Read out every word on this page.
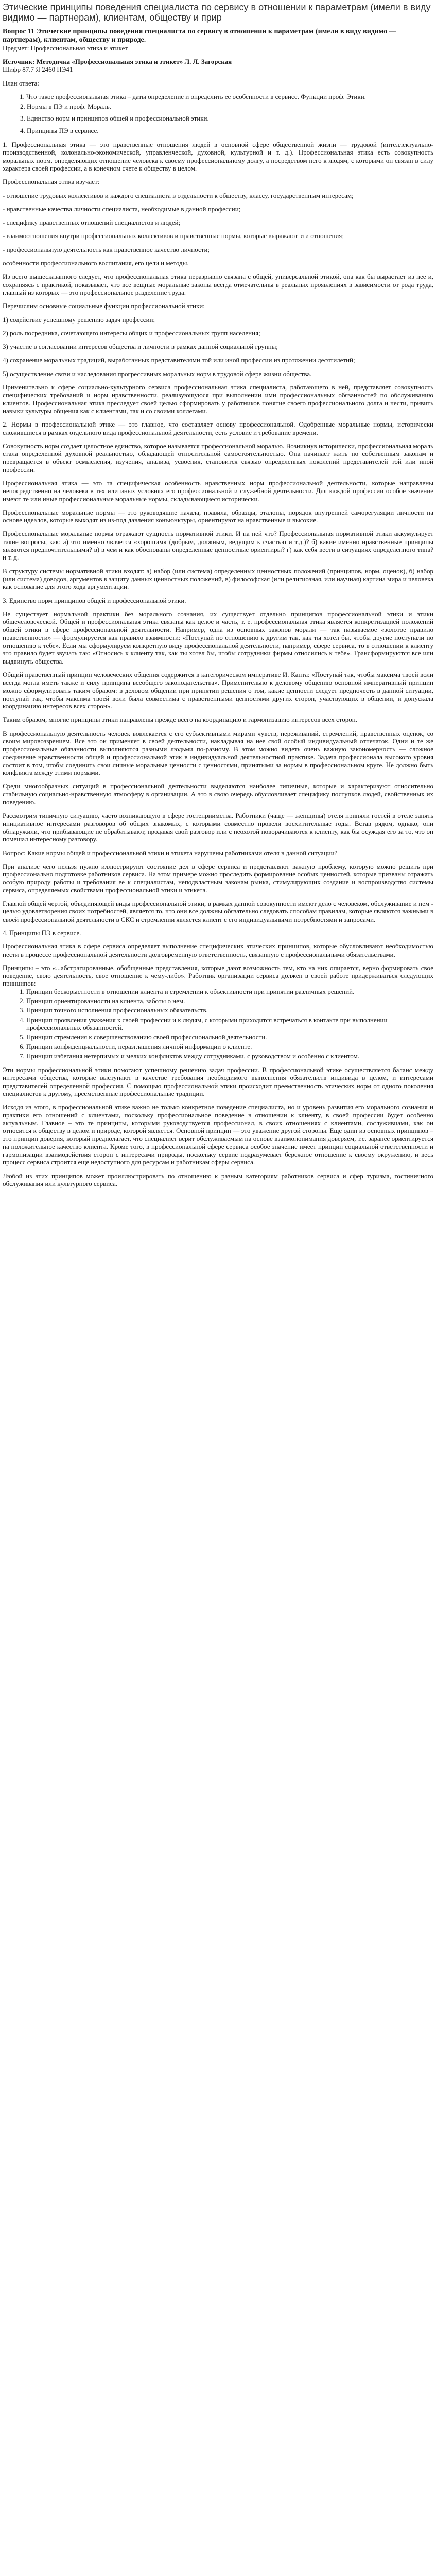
Этические принципы поведения специалиста по сервису в отношении к параметрам (имели в виду видимо — партнерам), клиентам, обществу и прир
Вопрос 11 Этические принципы поведения специалиста по сервису в отношении к параметрам (имели в виду видимо — партнерам), клиентам, обществу и природе.

Предмет: Профессиональная этика и этикет

Источник: Методичка «Профессиональная этика и этикет» Л. Л. Загорская

Шифр 87.7 Я 2460 ПЭ41

План ответа:

1. Что такое профессиональная этика – даты определение и определить ее особенности в сервисе. Функции проф. Этики.
2. Нормы в ПЭ и проф. Мораль.
3. Единство норм и принципов общей и профессиональной этики.
4. Принципы ПЭ в сервисе.

1. Профессиональная этика — это нравственные отношения людей в основной сфере общественной жизни — трудовой (интеллектуально-производственной, колонально-экономической, управленческой, духовной, культурной и т. д.). Профессиональная этика есть совокупность моральных норм, определяющих отношение человека к своему профессиональному долгу, а посредством него к людям, с которыми он связан в силу характера своей профессии, а в конечном счете к обществу в целом.

Профессиональная этика изучает:

- отношение трудовых коллективов и каждого специалиста в отдельности к обществу, классу, государственным интересам;

- нравственные качества личности специалиста, необходимые в данной профессии;

- специфику нравственных отношений специалистов и людей;

- взаимоотношения внутри профессиональных коллективов и нравственные нормы, которые выражают эти отношения;

- профессиональную деятельность как нравственное качество личности;

особенности профессионального воспитания, его цели и методы.

Из всего вышесказанного следует, что профессиональная этика неразрывно связана с общей, универсальной этикой, она как бы вырастает из нее и, сохраняясь с практикой, показывает, что все вещные моральные законы всегда отмечательны в реальных проявлениях в зависимости от рода труда, главный из которых — это профессиональное разделение труда.

Перечислим основные социальные функции профессиональной этики:

1) содействие успешному решению задач профессии;

2) роль посредника, сочетающего интересы общих и профессиональных групп населения;

3) участие в согласовании интересов общества и личности в рамках данной социальной группы;

4) сохранение моральных традиций, выработанных представителями той или иной профессии из протяжении десятилетий;

5) осуществление связи и наследования прогрессивных моральных норм в трудовой сфере жизни общества.

Применительно к сфере социально-культурного сервиса профессиональная этика специалиста, работающего в ней, представляет совокупность специфических требований и норм нравственности, реализующуюся при выполнении ими профессиональных обязанностей по обслуживанию клиентов. Профессиональная этика преследует своей целью сформировать у работников понятие своего профессионального долга и чести, привить навыки культуры общения как с клиентами, так и со своими коллегами.

2. Нормы в профессиональной этике — это главное, что составляет основу профессиональной. Одобренные моральные нормы, исторически сложившиеся в рамках отдельного вида профессиональной деятельности, есть условие и требование времени.

Совокупность норм создает целостное единство, которое называется профессиональной моралью. Возникнув исторически, профессиональная мораль стала определенной духовной реальностью, обладающей относительной самостоятельностью. Она начинает жить по собственным законам и превращается в объект осмысления, изучения, анализа, усвоения, становится связью определенных поколений представителей той или иной профессии.

Профессиональная этика — это та специфическая особенность нравственных норм профессиональной деятельности, которые направлены непосредственно на человека в тех или иных условиях его профессиональной и служебной деятельности. Для каждой профессии особое значение имеют те или иные профессиональные моральные нормы, складывающиеся исторически.

Профессиональные моральные нормы — это руководящие начала, правила, образцы, эталоны, порядок внутренней саморегуляции личности на основе идеалов, которые выходят из из-под давления конъюнктуры, ориентируют на нравственные и высокие.

Профессиональные моральные нормы отражают сущность нормативной этики. И на ней что? Профессиональная нормативной этики аккумулирует такие вопросы, как: а) что именно является «хорошим» (добрым, должным, ведущим к счастью и т.д.)? б) какие именно нравственные принципы являются предпочтительными? в) в чем и как обоснованы определенные ценностные ориентиры? г) как себя вести в ситуациях определенного типа? и т. д.

В структуру системы нормативной этики входят: а) набор (или система) определенных ценностных положений (принципов, норм, оценок), б) набор (или система) доводов, аргументов в защиту данных ценностных положений, в) философская (или религиозная, или научная) картина мира и человека как основание для этого хода аргументации.

3. Единство норм принципов общей и профессиональной этики.

Не существует нормальной практики без морального сознания, их существует отдельно принципов профессиональной этики и этики общечеловеческой. Общей и профессиональная этика связаны как целое и часть, т. е. профессиональная этика является конкретизацией положений общей этики в сфере профессиональной деятельности. Например, одна из основных законов морали — так называемое «золотое правило нравственности» — формулируется как правило взаимности: «Поступай по отношению к другим так, как ты хотел бы, чтобы другие поступали по отношению к тебе». Если мы сформулируем конкретную виду профессиональной деятельности, например, сфере сервиса, то в отношении к клиенту это правило будет звучать так: «Относись к клиенту так, как ты хотел бы, чтобы сотрудники фирмы относились к тебе». Трансформируются все или выдвинуть общества.

Общий нравственный принцип человеческих общения содержится в категорическом императиве И. Канта: «Поступай так, чтобы максима твоей воли всегда могла иметь также и силу принципа всеобщего законодательства». Применительно к деловому общению основной императивный принцип можно сформулировать таким образом: в деловом общении при принятии решения о том, какие ценности следует предпочесть в данной ситуации, поступай так, чтобы максима твоей воли была совместима с нравственными ценностями других сторон, участвующих в общении, и допускала координацию интересов всех сторон».

Таким образом, многие принципы этики направлены прежде всего на координацию и гармонизацию интересов всех сторон.

В профессиональную деятельность человек вовлекается с его субъективными мирами чувств, переживаний, стремлений, нравственных оценок, со своим мировоззрением. Все это он применяет в своей деятельности, накладывая на нее свой особый индивидуальный отпечаток. Одни и те же профессиональные обязанности выполняются разными людьми по-разному. В этом можно видеть очень важную закономерность — сложное соединение нравственности общей и профессиональной этик в индивидуальной деятельностной практике. Задача профессионала высокого уровня состоит в том, чтобы соединить свои личные моральные ценности с ценностями, принятыми за нормы в профессиональном круге. Не должно быть конфликта между этими нормами.

Среди многообразных ситуаций в профессиональной деятельности выделяются наиболее типичные, которые и характеризуют относительно стабильную социально-нравственную атмосферу в организации. А это в свою очередь обусловливает специфику поступков людей, свойственных их поведению.

Рассмотрим типичную ситуацию, часто возникающую в сфере гостеприимства. Работники (чаще — женщины) отеля приняли гостей в отеле занять инициативное интересами разговоров об общих знакомых, с которыми совместно провели восхитительные годы. Встав рядом, однако, они обнаружили, что прибывающие не обрабатывают, продавая свой разговор или с неохотой поворачиваются к клиенту, как бы осуждая его за то, что он помешал интересному разговору.

Вопрос: Какие нормы общей и профессиональной этики и этикета нарушены работниками отеля в данной ситуации?

При анализе чего нельзя нужно иллюстрируют состояние дел в сфере сервиса и представляют важную проблему, которую можно решить при профессионально подготовке работников сервиса. На этом примере можно проследить формирование особых ценностей, которые призваны отражать особую природу работы и требования ее к специалистам, неподвластным законам рынка, стимулирующих создание и воспроизводство системы сервиса, определяемых свойствами профессиональной этики и этикета.

Главной общей чертой, объединяющей виды профессиональной этики, в рамках данной совокупности имеют дело с человеком, обслуживание и нем - целью удовлетворения своих потребностей, является то, что они все должны обязательно следовать способам правилам, которые являются важными в своей профессиональной деятельности в СКС и стремлении является клиент с его индивидуальными потребностями и запросами.

4. Принципы ПЭ в сервисе.

Профессиональная этика в сфере сервиса определяет выполнение специфических этических принципов, которые обусловливают необходимостью нести в процессе профессиональной деятельности долговременную ответственность, связанную с профессиональными обязательствами.

Принципы – это «...абстрагированные, обобщенные представления, которые дают возможность тем, кто на них опирается, верно формировать свое поведение, свою деятельность, свое отношение к чему-либо». Работник организации сервиса должен в своей работе придерживаться следующих принципов:

1. Принцип бескорыстности в отношении клиента и стремлении к объективности при принятии различных решений.
2. Принцип ориентированности на клиента, заботы о нем.
3. Принцип точного исполнения профессиональных обязательств.
4. Принцип проявления уважения к своей профессии и к людям, с которыми приходится встречаться в контакте при выполнении профессиональных обязанностей.
5. Принцип стремления к совершенствованию своей профессиональной деятельности.
6. Принцип конфиденциальности, неразглашения личной информации о клиенте.
7. Принцип избегания нетерпимых и мелких конфликтов между сотрудниками, с руководством и особенно с клиентом.

Эти нормы профессиональной этики помогают успешному решению задач профессии. В профессиональной этике осуществляется баланс между интересами общества, которые выступают в качестве требования необходимого выполнения обязательств индивида в целом, и интересами представителей определенной профессии. С помощью профессиональной этики происходит преемственность этических норм от одного поколения специалистов к другому, преемственные профессиональные традиции.

Исходя из этого, в профессиональной этике важно не только конкретное поведение специалиста, но и уровень развития его морального сознания и практики его отношений с клиентами, поскольку профессиональное поведение в отношении к клиенту, в своей профессии будет особенно актуальным. Главное – это те принципы, которыми руководствуется профессионал, в своих отношениях с клиентами, сослуживцами, как он относится к обществу в целом и природе, которой является. Основной принцип — это уважение другой стороны. Еще один из основных принципов – это принцип доверия, который предполагает, что специалист верит обслуживаемым на основе взаимопонимания доверяем, т.е. заранее ориентируется на положительное качество клиента. Кроме того, в профессиональной сфере сервиса особое значение имеет принцип социальной ответственности и гармонизации взаимодействия сторон с интересами природы, поскольку сервис подразумевает бережное отношение к своему окружению, и весь процесс сервиса строится еще недоступного для ресурсам и работникам сферы сервиса.

Любой из этих принципов может проиллюстрировать по отношению к разным категориям работников сервиса и сфер туризма, гостиничного обслуживания или культурного сервиса.
